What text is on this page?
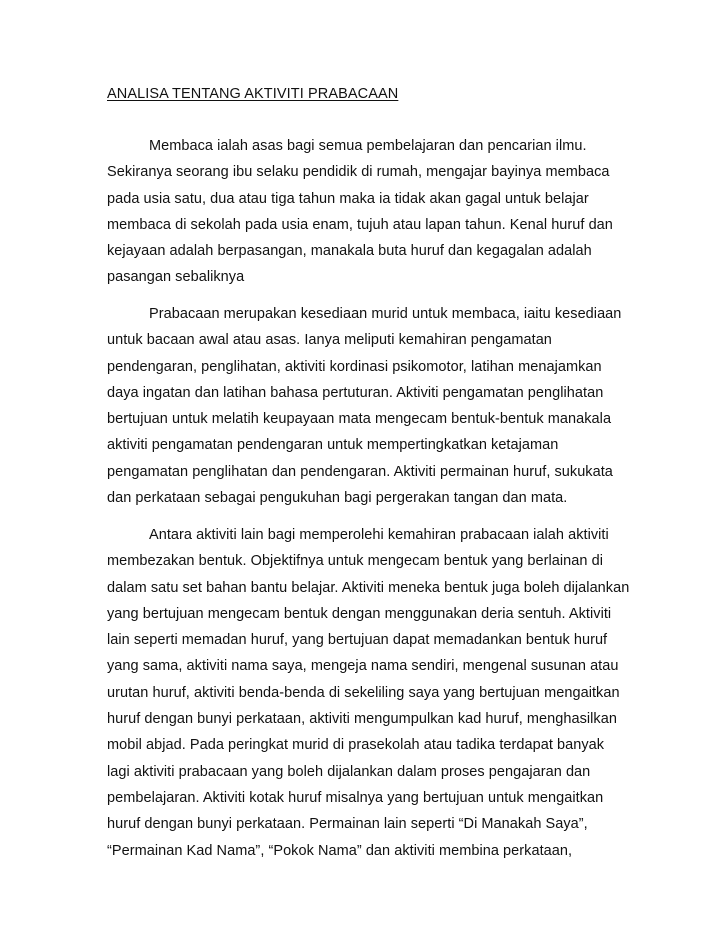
ANALISA TENTANG AKTIVITI PRABACAAN

Membaca ialah asas bagi semua pembelajaran dan pencarian ilmu.
Sekiranya seorang ibu selaku pendidik di rumah, mengajar bayinya membaca
pada usia satu, dua atau tiga tahun maka ia tidak akan gagal untuk belajar
membaca di sekolah pada usia enam, tujuh atau lapan tahun. Kenal huruf dan
kejayaan adalah berpasangan, manakala buta huruf dan kegagalan adalah
pasangan sebaliknya

Prabacaan merupakan kesediaan murid untuk membaca, iaitu kesediaan
untuk bacaan awal atau asas. Ianya meliputi kemahiran pengamatan
pendengaran, penglihatan, aktiviti kordinasi psikomotor, latihan menajamkan
daya ingatan dan latihan bahasa pertuturan. Aktiviti pengamatan penglihatan
bertujuan untuk melatih keupayaan mata mengecam bentuk-bentuk manakala
aktiviti pengamatan pendengaran untuk mempertingkatkan ketajaman
pengamatan penglihatan dan pendengaran. Aktiviti permainan huruf, sukukata
dan perkataan sebagai pengukuhan bagi pergerakan tangan dan mata.

Antara aktiviti lain bagi memperolehi kemahiran prabacaan ialah aktiviti
membezakan bentuk. Objektifnya untuk mengecam bentuk yang berlainan di
dalam satu set bahan bantu belajar. Aktiviti meneka bentuk juga boleh dijalankan
yang bertujuan mengecam bentuk dengan menggunakan deria sentuh. Aktiviti
lain seperti memadan huruf, yang bertujuan dapat memadankan bentuk huruf
yang sama, aktiviti nama saya, mengeja nama sendiri, mengenal susunan atau
urutan huruf, aktiviti benda-benda di sekeliling saya yang bertujuan mengaitkan
huruf dengan bunyi perkataan, aktiviti mengumpulkan kad huruf, menghasilkan
mobil abjad. Pada peringkat murid di prasekolah atau tadika terdapat banyak
lagi aktiviti prabacaan yang boleh dijalankan dalam proses pengajaran dan
pembelajaran. Aktiviti kotak huruf misalnya yang bertujuan untuk mengaitkan
huruf dengan bunyi perkataan. Permainan lain seperti “Di Manakah Saya”,
“Permainan Kad Nama”, “Pokok Nama” dan aktiviti membina perkataan,
